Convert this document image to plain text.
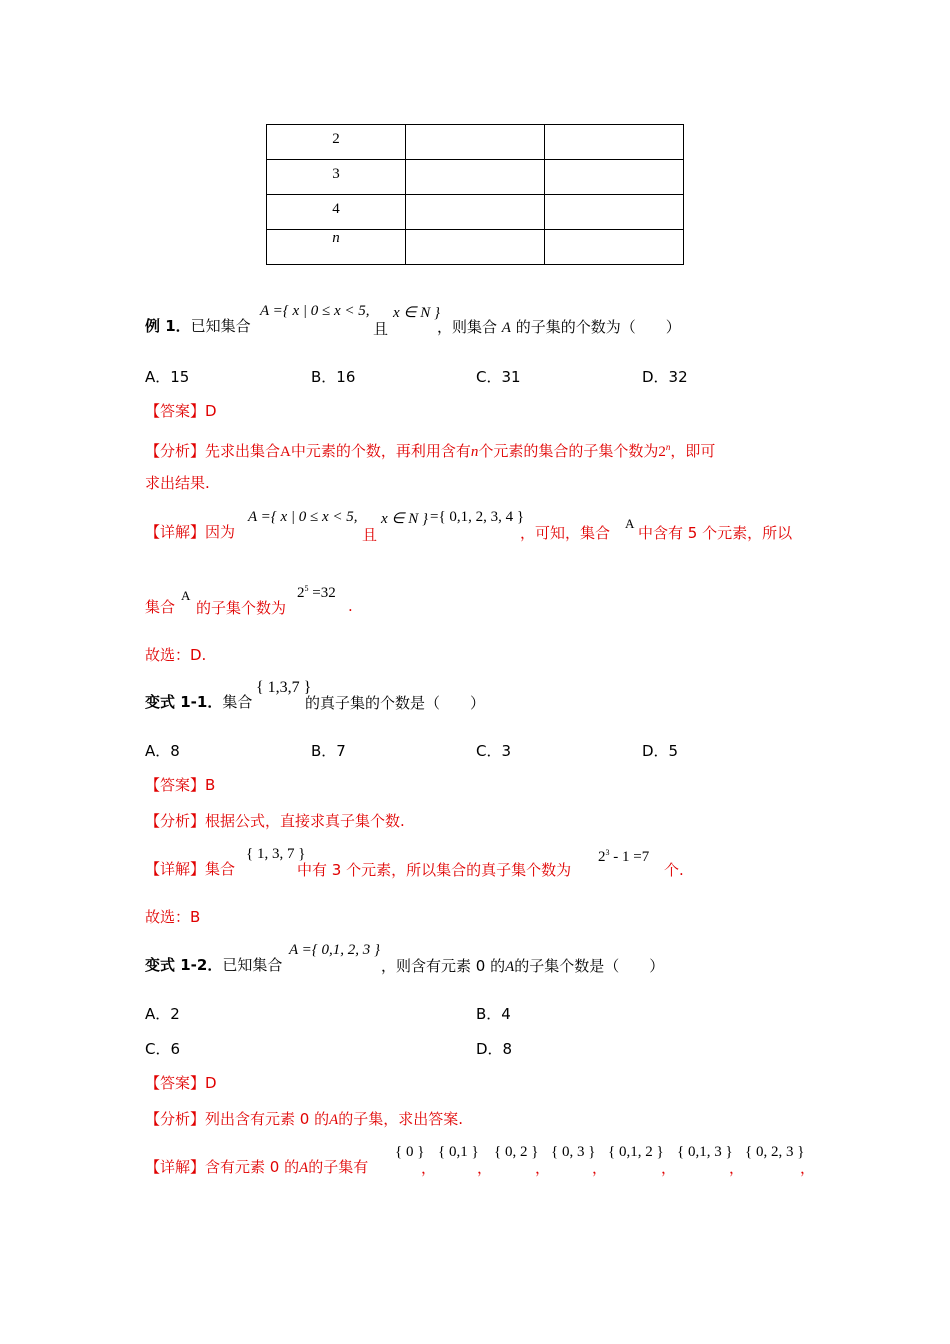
2		
3		
4		
n		
例 1．已知集合
A ={ x | 0 ≤ x < 5,
且
x ∈ N }
，则集合 A 的子集的个数为（　　）
A．15	B．16	C．31	D．32
【答案】D
【分析】先求出集合A中元素的个数，再利用含有n个元素的集合的子集个数为2$^n$，即可
求出结果.
【详解】因为
A ={ x | 0 ≤ x < 5,
且
x ∈ N } ={ 0,1, 2, 3, 4 }
，可知，集合
A
中含有 5 个元素，所以
集合
A
的子集个数为
$2^5 =32$
.
故选：D.
变式 1-1．集合
{ 1,3,7 }
的真子集的个数是（　　）
A．8	B．7	C．3	D．5
【答案】B
【分析】根据公式，直接求真子集个数.
【详解】集合
{ 1, 3, 7 }
中有 3 个元素，所以集合的真子集个数为
$2^3 - 1 =7$
个.
故选：B
变式 1-2．已知集合
A ={ 0,1, 2, 3 }
，则含有元素 0 的A的子集个数是（　　）
A．2	B．4
C．6	D．8
【答案】D
【分析】列出含有元素 0 的A的子集，求出答案.
【详解】含有元素 0 的A的子集有
{ 0 }
，
{ 0,1 }
，
{ 0, 2 }
，
{ 0, 3 }
，
{ 0,1, 2 }
，
{ 0,1, 3 }
，
{ 0, 2, 3 }
，
